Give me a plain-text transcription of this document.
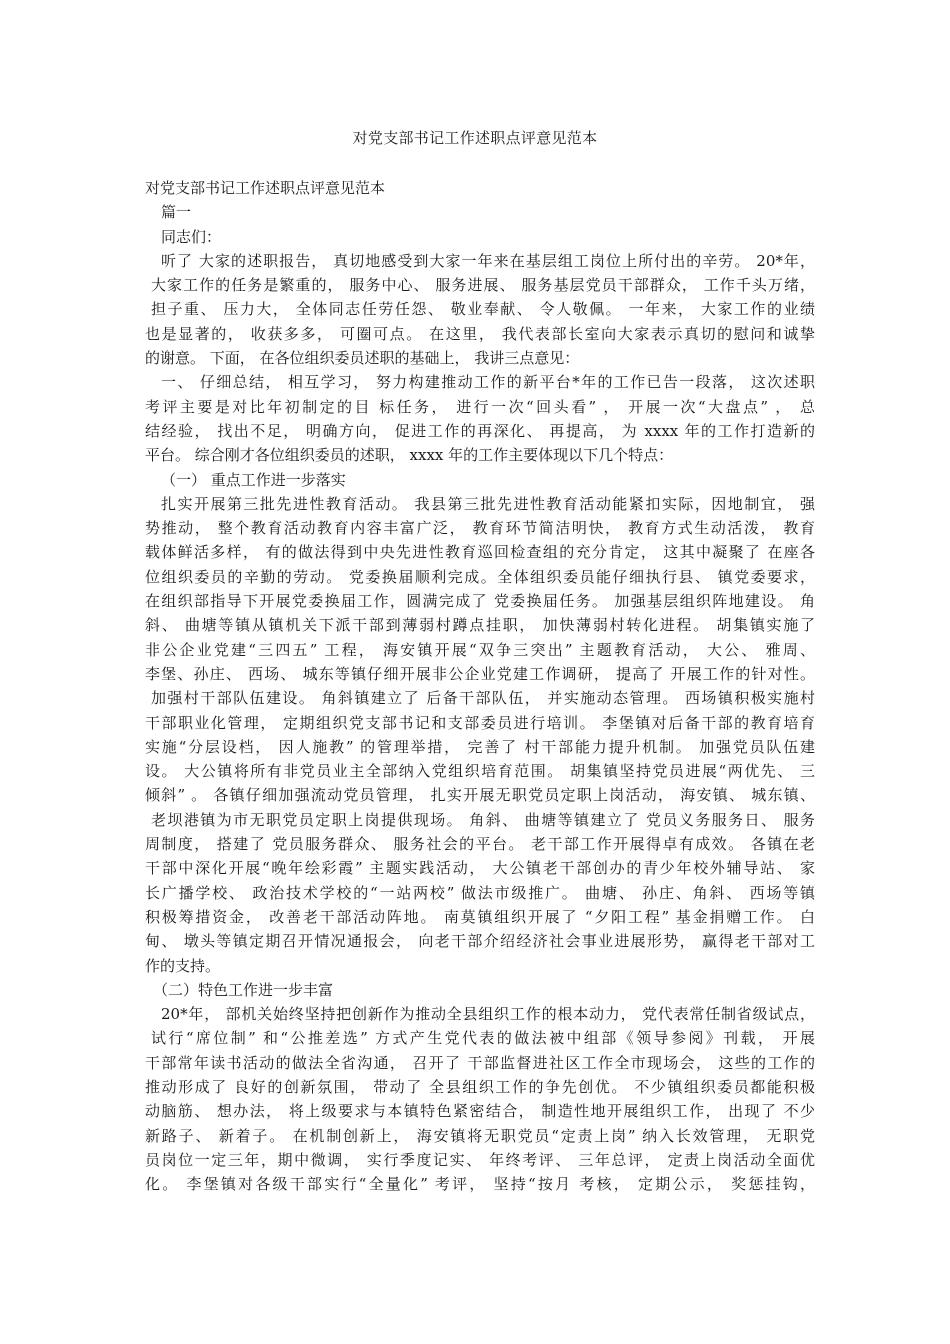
对党支部书记工作述职点评意见范本
对党支部书记工作述职点评意见范本
篇一
同志们：
听了 大家的述职报告， 真切地感受到大家一年来在基层组工岗位上所付出的辛劳。 20*年，
大家工作的任务是繁重的， 服务中心、 服务进展、 服务基层党员干部群众， 工作千头万绪，
担子重、 压力大， 全体同志任劳任怨、 敬业奉献、 令人敬佩。 一年来， 大家工作的业绩
也是显著的， 收获多多， 可圈可点。 在这里， 我代表部长室向大家表示真切的慰问和诚挚
的谢意。 下面， 在各位组织委员述职的基础上， 我讲三点意见：
一、 仔细总结， 相互学习， 努力构建推动工作的新平台*年的工作已告一段落， 这次述职
考评主要是对比年初制定的目 标任务， 进行一次“回头看” ， 开展一次“大盘点” ， 总
结经验， 找出不足， 明确方向， 促进工作的再深化、 再提高， 为 xxxx 年的工作打造新的
平台。 综合刚才各位组织委员的述职， xxxx 年的工作主要体现以下几个特点：
（一） 重点工作进一步落实
扎实开展第三批先进性教育活动。 我县第三批先进性教育活动能紧扣实际，因地制宜， 强
势推动， 整个教育活动教育内容丰富广泛， 教育环节简洁明快， 教育方式生动活泼， 教育
载体鲜活多样， 有的做法得到中央先进性教育巡回检查组的充分肯定， 这其中凝聚了 在座各
位组织委员的辛勤的劳动。 党委换届顺利完成。全体组织委员能仔细执行县、 镇党委要求，
在组织部指导下开展党委换届工作，圆满完成了 党委换届任务。 加强基层组织阵地建设。 角
斜、 曲塘等镇从镇机关下派干部到薄弱村蹲点挂职， 加快薄弱村转化进程。 胡集镇实施了
非公企业党建“三四五” 工程， 海安镇开展“双争三突出” 主题教育活动， 大公、 雅周、
李堡、孙庄、 西场、 城东等镇仔细开展非公企业党建工作调研， 提高了 开展工作的针对性。
加强村干部队伍建设。 角斜镇建立了 后备干部队伍， 并实施动态管理。 西场镇积极实施村
干部职业化管理， 定期组织党支部书记和支部委员进行培训。 李堡镇对后备干部的教育培育
实施“分层设档， 因人施教” 的管理举措， 完善了 村干部能力提升机制。 加强党员队伍建
设。 大公镇将所有非党员业主全部纳入党组织培育范围。 胡集镇坚持党员进展“两优先、 三
倾斜” 。 各镇仔细加强流动党员管理， 扎实开展无职党员定职上岗活动， 海安镇、 城东镇、
老坝港镇为市无职党员定职上岗提供现场。 角斜、 曲塘等镇建立了 党员义务服务日、 服务
周制度， 搭建了 党员服务群众、 服务社会的平台。 老干部工作开展得卓有成效。 各镇在老
干部中深化开展“晚年绘彩霞” 主题实践活动， 大公镇老干部创办的青少年校外辅导站、 家
长广播学校、 政治技术学校的“一站两校” 做法市级推广。 曲塘、 孙庄、角斜、 西场等镇
积极筹措资金， 改善老干部活动阵地。 南莫镇组织开展了 “夕阳工程” 基金捐赠工作。 白
甸、 墩头等镇定期召开情况通报会， 向老干部介绍经济社会事业进展形势， 赢得老干部对工
作的支持。
（二）特色工作进一步丰富
20*年， 部机关始终坚持把创新作为推动全县组织工作的根本动力， 党代表常任制省级试点，
试行“席位制” 和“公推差选” 方式产生党代表的做法被中组部《领导参阅》刊载， 开展
干部常年读书活动的做法全省沟通， 召开了 干部监督进社区工作全市现场会， 这些的工作的
推动形成了 良好的创新氛围， 带动了 全县组织工作的争先创优。 不少镇组织委员都能积极
动脑筋、 想办法， 将上级要求与本镇特色紧密结合， 制造性地开展组织工作， 出现了 不少
新路子、 新着子。 在机制创新上， 海安镇将无职党员“定责上岗” 纳入长效管理， 无职党
员岗位一定三年，期中微调， 实行季度记实、 年终考评、 三年总评， 定责上岗活动全面优
化。 李堡镇对各级干部实行“全量化” 考评， 坚持“按月 考核， 定期公示， 奖惩挂钩，
